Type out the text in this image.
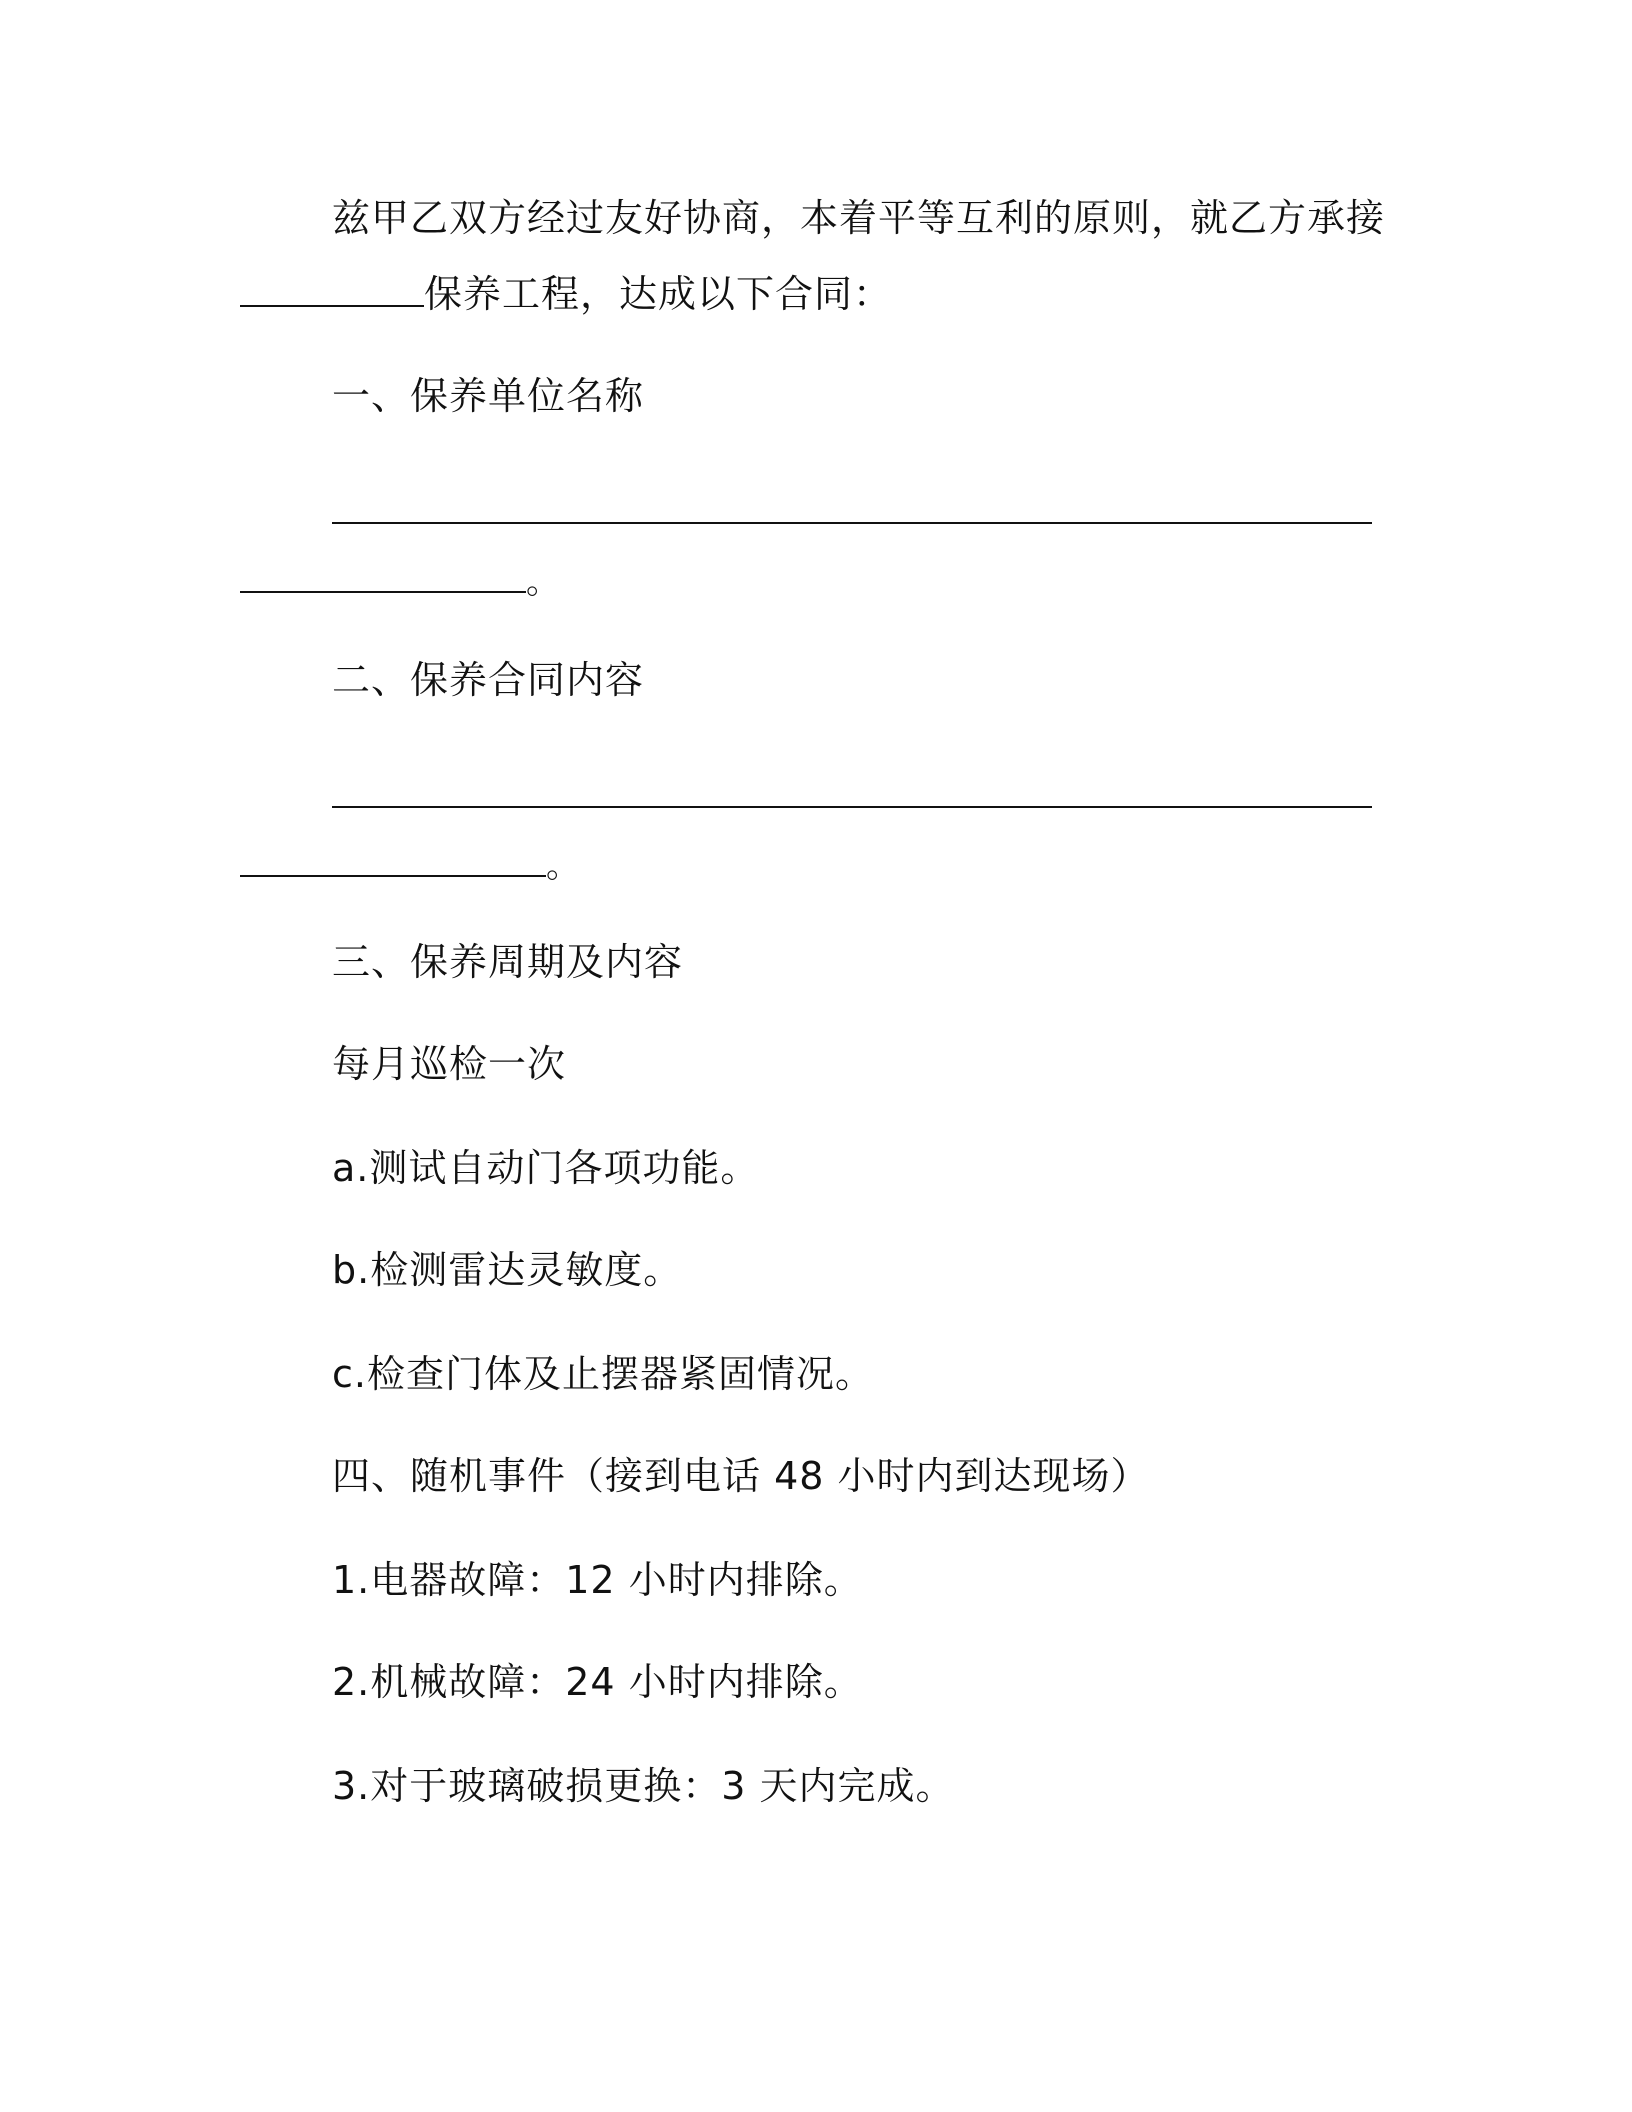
兹甲乙双方经过友好协商，本着平等互利的原则，就乙方承接
保养工程，达成以下合同：
一、保养单位名称
。
二、保养合同内容
。
三、保养周期及内容
每月巡检一次
a.测试自动门各项功能。
b.检测雷达灵敏度。
c.检查门体及止摆器紧固情况。
四、随机事件（接到电话 48 小时内到达现场）
1.电器故障：12 小时内排除。
2.机械故障：24 小时内排除。
3.对于玻璃破损更换：3 天内完成。
